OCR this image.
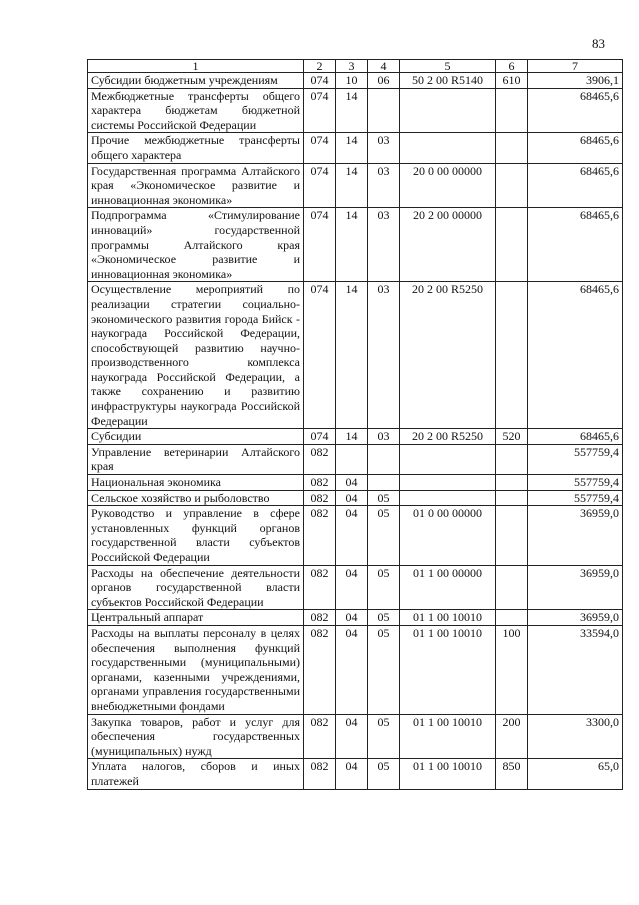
83
1	2	3	4	5	6	7
Субсидии бюджетным учреждениям	074	10	06	50 2 00 R5140	610	3906,1
Межбюджетные трансферты общего характера бюджетам бюджетной системы Российской Федерации	074	14				68465,6
Прочие межбюджетные трансферты общего характера	074	14	03			68465,6
Государственная программа Алтайского края «Экономическое развитие и инновационная экономика»	074	14	03	20 0 00 00000		68465,6
Подпрограмма «Стимулирование инноваций» государственной программы Алтайского края «Экономическое развитие и инновационная экономика»	074	14	03	20 2 00 00000		68465,6
Осуществление мероприятий по реализации стратегии социально-экономического развития города Бийск - наукограда Российской Федерации, способствующей развитию научно-производственного комплекса наукограда Российской Федерации, а также сохранению и развитию инфраструктуры наукограда Российской Федерации	074	14	03	20 2 00 R5250		68465,6
Субсидии	074	14	03	20 2 00 R5250	520	68465,6
Управление ветеринарии Алтайского края	082					557759,4
Национальная экономика	082	04				557759,4
Сельское хозяйство и рыболовство	082	04	05			557759,4
Руководство и управление в сфере установленных функций органов государственной власти субъектов Российской Федерации	082	04	05	01 0 00 00000		36959,0
Расходы на обеспечение деятельности органов государственной власти субъектов Российской Федерации	082	04	05	01 1 00 00000		36959,0
Центральный аппарат	082	04	05	01 1 00 10010		36959,0
Расходы на выплаты персоналу в целях обеспечения выполнения функций государственными (муниципальными) органами, казенными учреждениями, органами управления государственными внебюджетными фондами	082	04	05	01 1 00 10010	100	33594,0
Закупка товаров, работ и услуг для обеспечения государственных (муниципальных) нужд	082	04	05	01 1 00 10010	200	3300,0
Уплата налогов, сборов и иных платежей	082	04	05	01 1 00 10010	850	65,0
